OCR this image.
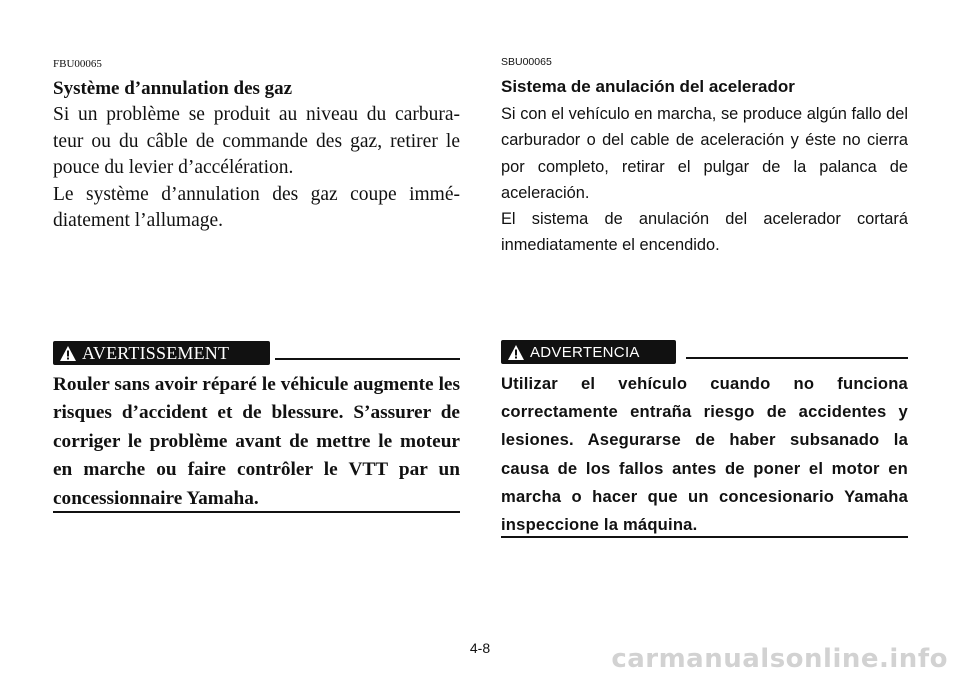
FBU00065
Système d’annulation des gaz

Si un problème se produit au niveau du carbura- teur ou du câble de commande des gaz, retirer le pouce du levier d’accélération.

Le système d’annulation des gaz coupe immé- diatement l’allumage.

AVERTISSEMENT

Rouler sans avoir réparé le véhicule augmente les risques d’accident et de blessure. S’assurer de corriger le problème avant de mettre le moteur en marche ou faire contrôler le VTT par un concessionnaire Yamaha.

SBU00065
Sistema de anulación del acelerador

Si con el vehículo en marcha, se produce algún fallo del carburador o del cable de aceleración y éste no cierra por completo, retirar el pulgar de la palanca de aceleración.

El sistema de anulación del acelerador cortará inmediatamente el encendido.

ADVERTENCIA

Utilizar el vehículo cuando no funciona correctamente entraña riesgo de accidentes y lesiones. Asegurarse de haber subsanado la causa de los fallos antes de poner el motor en marcha o hacer que un concesionario Yamaha inspeccione la máquina.

4-8	carmanualsonline.info
